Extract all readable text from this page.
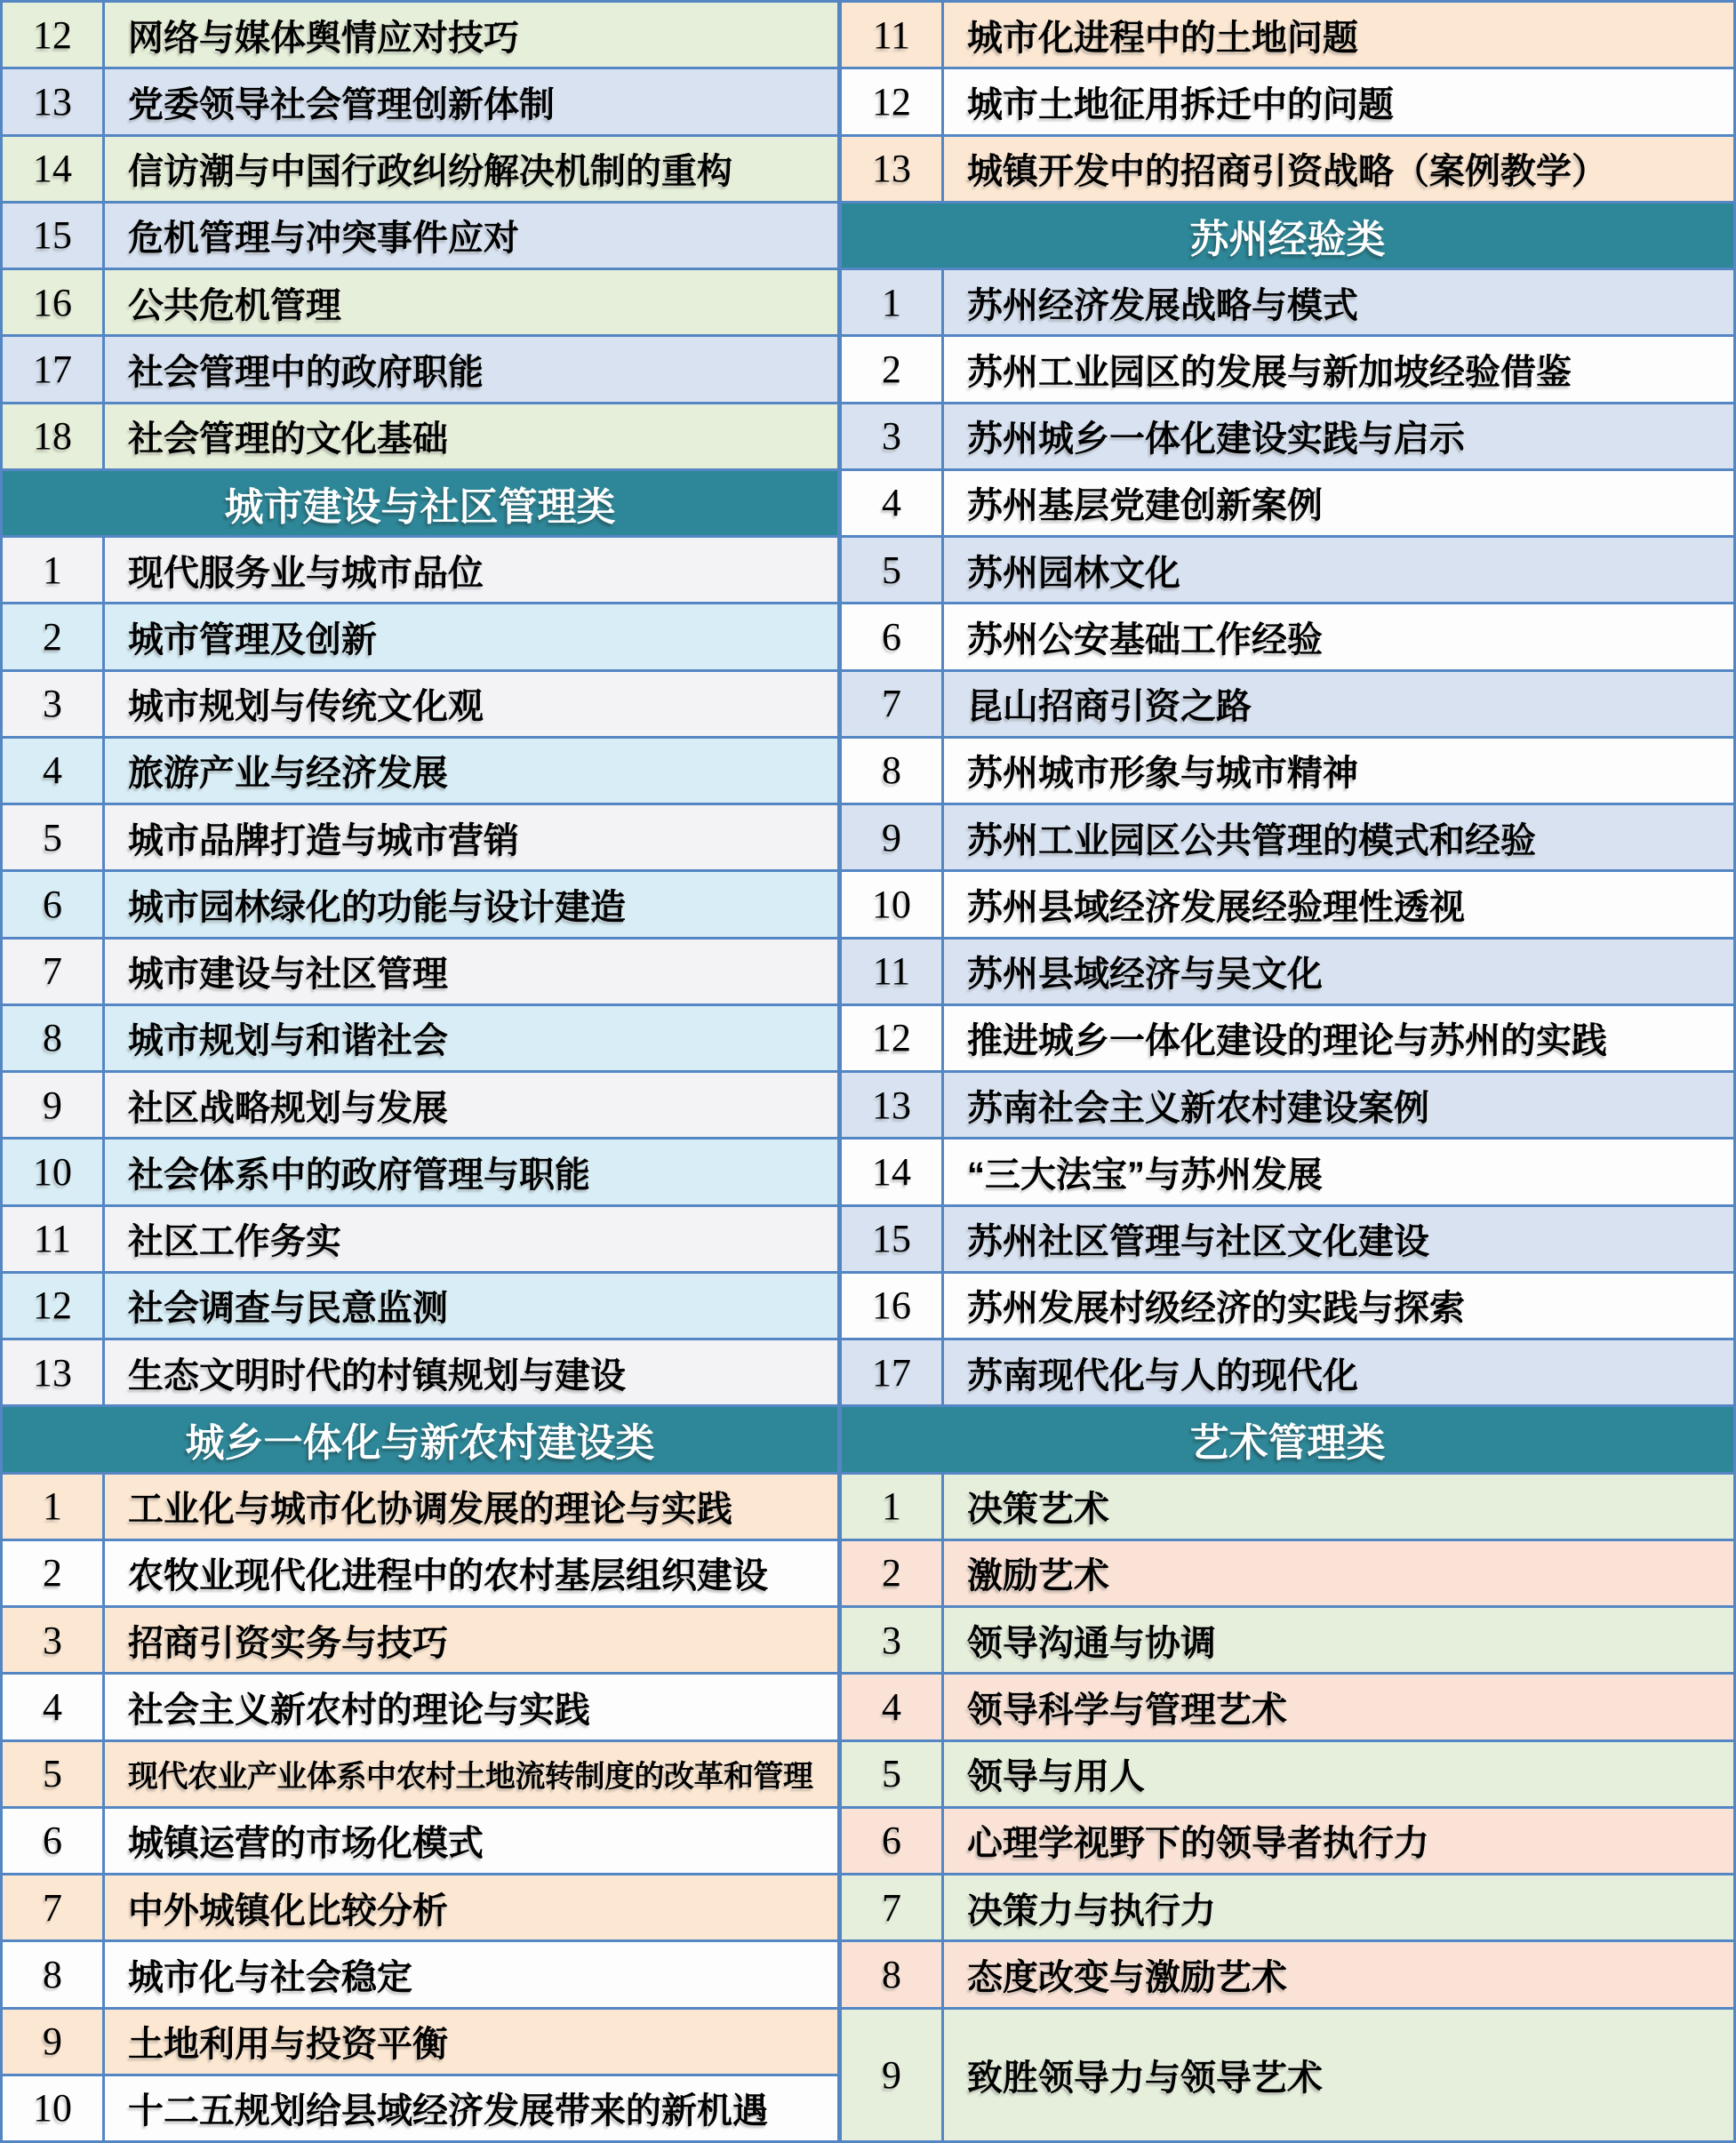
12	网络与媒体舆情应对技巧
13	党委领导社会管理创新体制
14	信访潮与中国行政纠纷解决机制的重构
15	危机管理与冲突事件应对
16	公共危机管理
17	社会管理中的政府职能
18	社会管理的文化基础
城市建设与社区管理类
1	现代服务业与城市品位
2	城市管理及创新
3	城市规划与传统文化观
4	旅游产业与经济发展
5	城市品牌打造与城市营销
6	城市园林绿化的功能与设计建造
7	城市建设与社区管理
8	城市规划与和谐社会
9	社区战略规划与发展
10	社会体系中的政府管理与职能
11	社区工作务实
12	社会调查与民意监测
13	生态文明时代的村镇规划与建设
城乡一体化与新农村建设类
1	工业化与城市化协调发展的理论与实践
2	农牧业现代化进程中的农村基层组织建设
3	招商引资实务与技巧
4	社会主义新农村的理论与实践
5	现代农业产业体系中农村土地流转制度的改革和管理
6	城镇运营的市场化模式
7	中外城镇化比较分析
8	城市化与社会稳定
9	土地利用与投资平衡
10	十二五规划给县域经济发展带来的新机遇
11	城市化进程中的土地问题
12	城市土地征用拆迁中的问题
13	城镇开发中的招商引资战略（案例教学）
苏州经验类
1	苏州经济发展战略与模式
2	苏州工业园区的发展与新加坡经验借鉴
3	苏州城乡一体化建设实践与启示
4	苏州基层党建创新案例
5	苏州园林文化
6	苏州公安基础工作经验
7	昆山招商引资之路
8	苏州城市形象与城市精神
9	苏州工业园区公共管理的模式和经验
10	苏州县域经济发展经验理性透视
11	苏州县域经济与吴文化
12	推进城乡一体化建设的理论与苏州的实践
13	苏南社会主义新农村建设案例
14	“三大法宝”与苏州发展
15	苏州社区管理与社区文化建设
16	苏州发展村级经济的实践与探索
17	苏南现代化与人的现代化
艺术管理类
1	决策艺术
2	激励艺术
3	领导沟通与协调
4	领导科学与管理艺术
5	领导与用人
6	心理学视野下的领导者执行力
7	决策力与执行力
8	态度改变与激励艺术
9	致胜领导力与领导艺术
